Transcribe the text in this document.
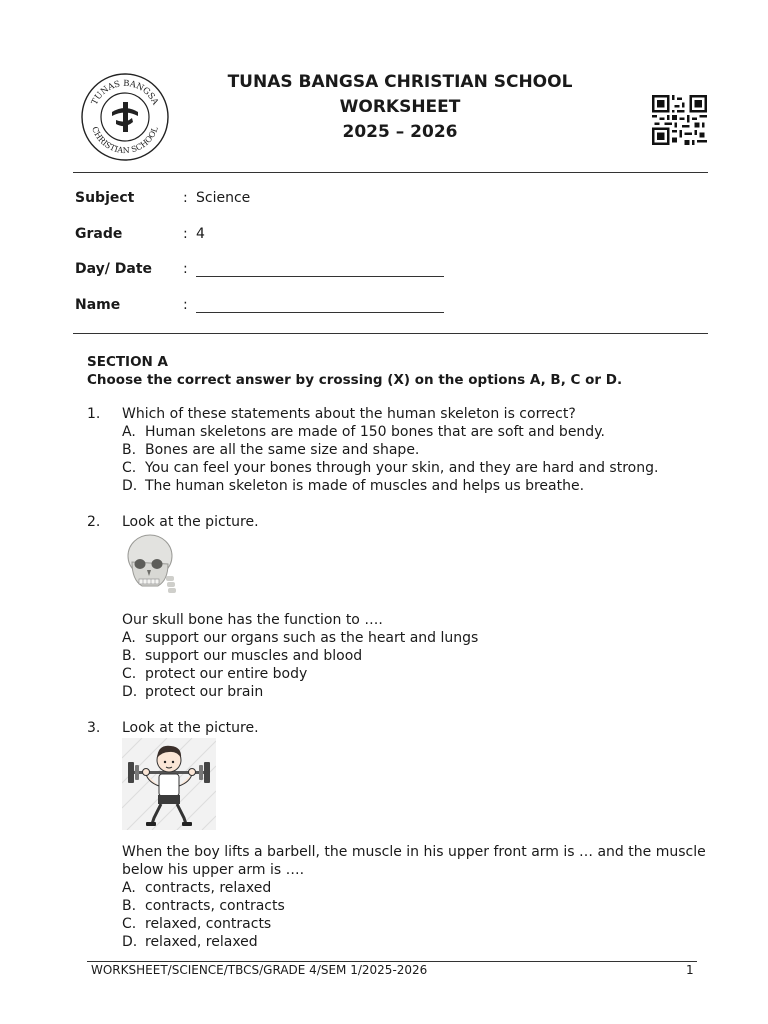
TUNAS BANGSA
CHRISTIAN SCHOOL
TUNAS BANGSA CHRISTIAN SCHOOL
WORKSHEET
2025 – 2026
Subject	: Science
Grade	: 4
Day/ Date :
Name	:
SECTION A
Choose the correct answer by crossing (X) on the options A, B, C or D.
1. Which of these statements about the human skeleton is correct?
A. Human skeletons are made of 150 bones that are soft and bendy.
B. Bones are all the same size and shape.
C. You can feel your bones through your skin, and they are hard and strong.
D. The human skeleton is made of muscles and helps us breathe.
2. Look at the picture.
Our skull bone has the function to ….
A. support our organs such as the heart and lungs
B. support our muscles and blood
C. protect our entire body
D. protect our brain
3. Look at the picture.
When the boy lifts a barbell, the muscle in his upper front arm is … and the muscle below his upper arm is ….
A. contracts, relaxed
B. contracts, contracts
C. relaxed, contracts
D. relaxed, relaxed
WORKSHEET/SCIENCE/TBCS/GRADE 4/SEM 1/2025-2026	1
